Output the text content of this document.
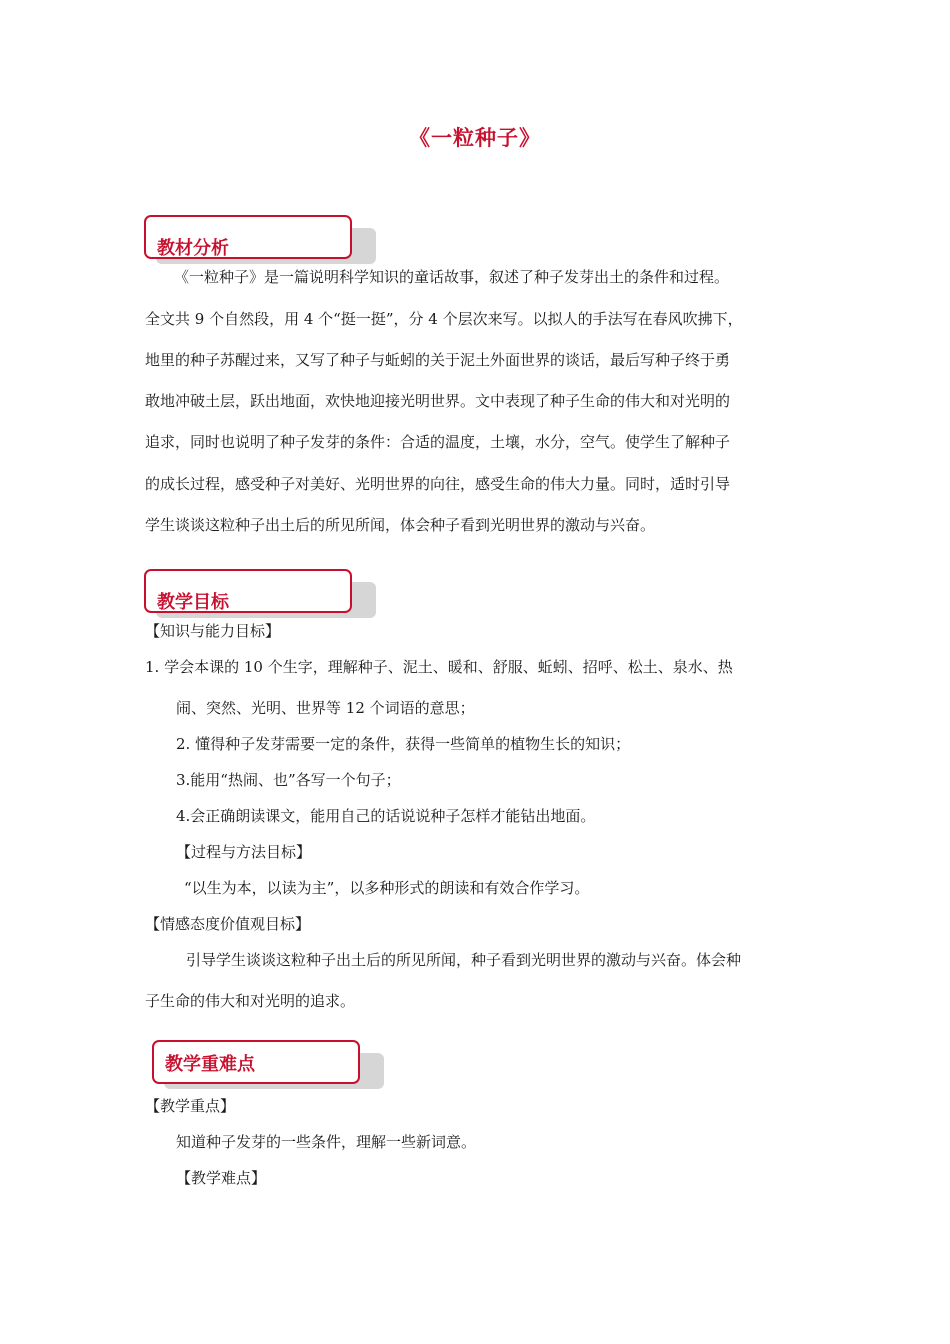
《一粒种子》
教材分析
《一粒种子》是一篇说明科学知识的童话故事，叙述了种子发芽出土的条件和过程。
全文共 9 个自然段，用 4 个“挺一挺”，分 4 个层次来写。以拟人的手法写在春风吹拂下，
地里的种子苏醒过来，又写了种子与蚯蚓的关于泥土外面世界的谈话，最后写种子终于勇
敢地冲破土层，跃出地面，欢快地迎接光明世界。文中表现了种子生命的伟大和对光明的
追求，同时也说明了种子发芽的条件：合适的温度，土壤，水分，空气。使学生了解种子
的成长过程，感受种子对美好、光明世界的向往，感受生命的伟大力量。同时，适时引导
学生谈谈这粒种子出土后的所见所闻，体会种子看到光明世界的激动与兴奋。
教学目标
【知识与能力目标】
1. 学会本课的 10 个生字，理解种子、泥土、暖和、舒服、蚯蚓、招呼、松土、泉水、热
闹、突然、光明、世界等 12 个词语的意思；
2. 懂得种子发芽需要一定的条件，获得一些简单的植物生长的知识；
3.能用“热闹、也”各写一个句子；
4.会正确朗读课文，能用自己的话说说种子怎样才能钻出地面。
【过程与方法目标】
“以生为本，以读为主”，以多种形式的朗读和有效合作学习。
【情感态度价值观目标】
引导学生谈谈这粒种子出土后的所见所闻，种子看到光明世界的激动与兴奋。体会种
子生命的伟大和对光明的追求。
教学重难点
【教学重点】
知道种子发芽的一些条件，理解一些新词意。
【教学难点】
